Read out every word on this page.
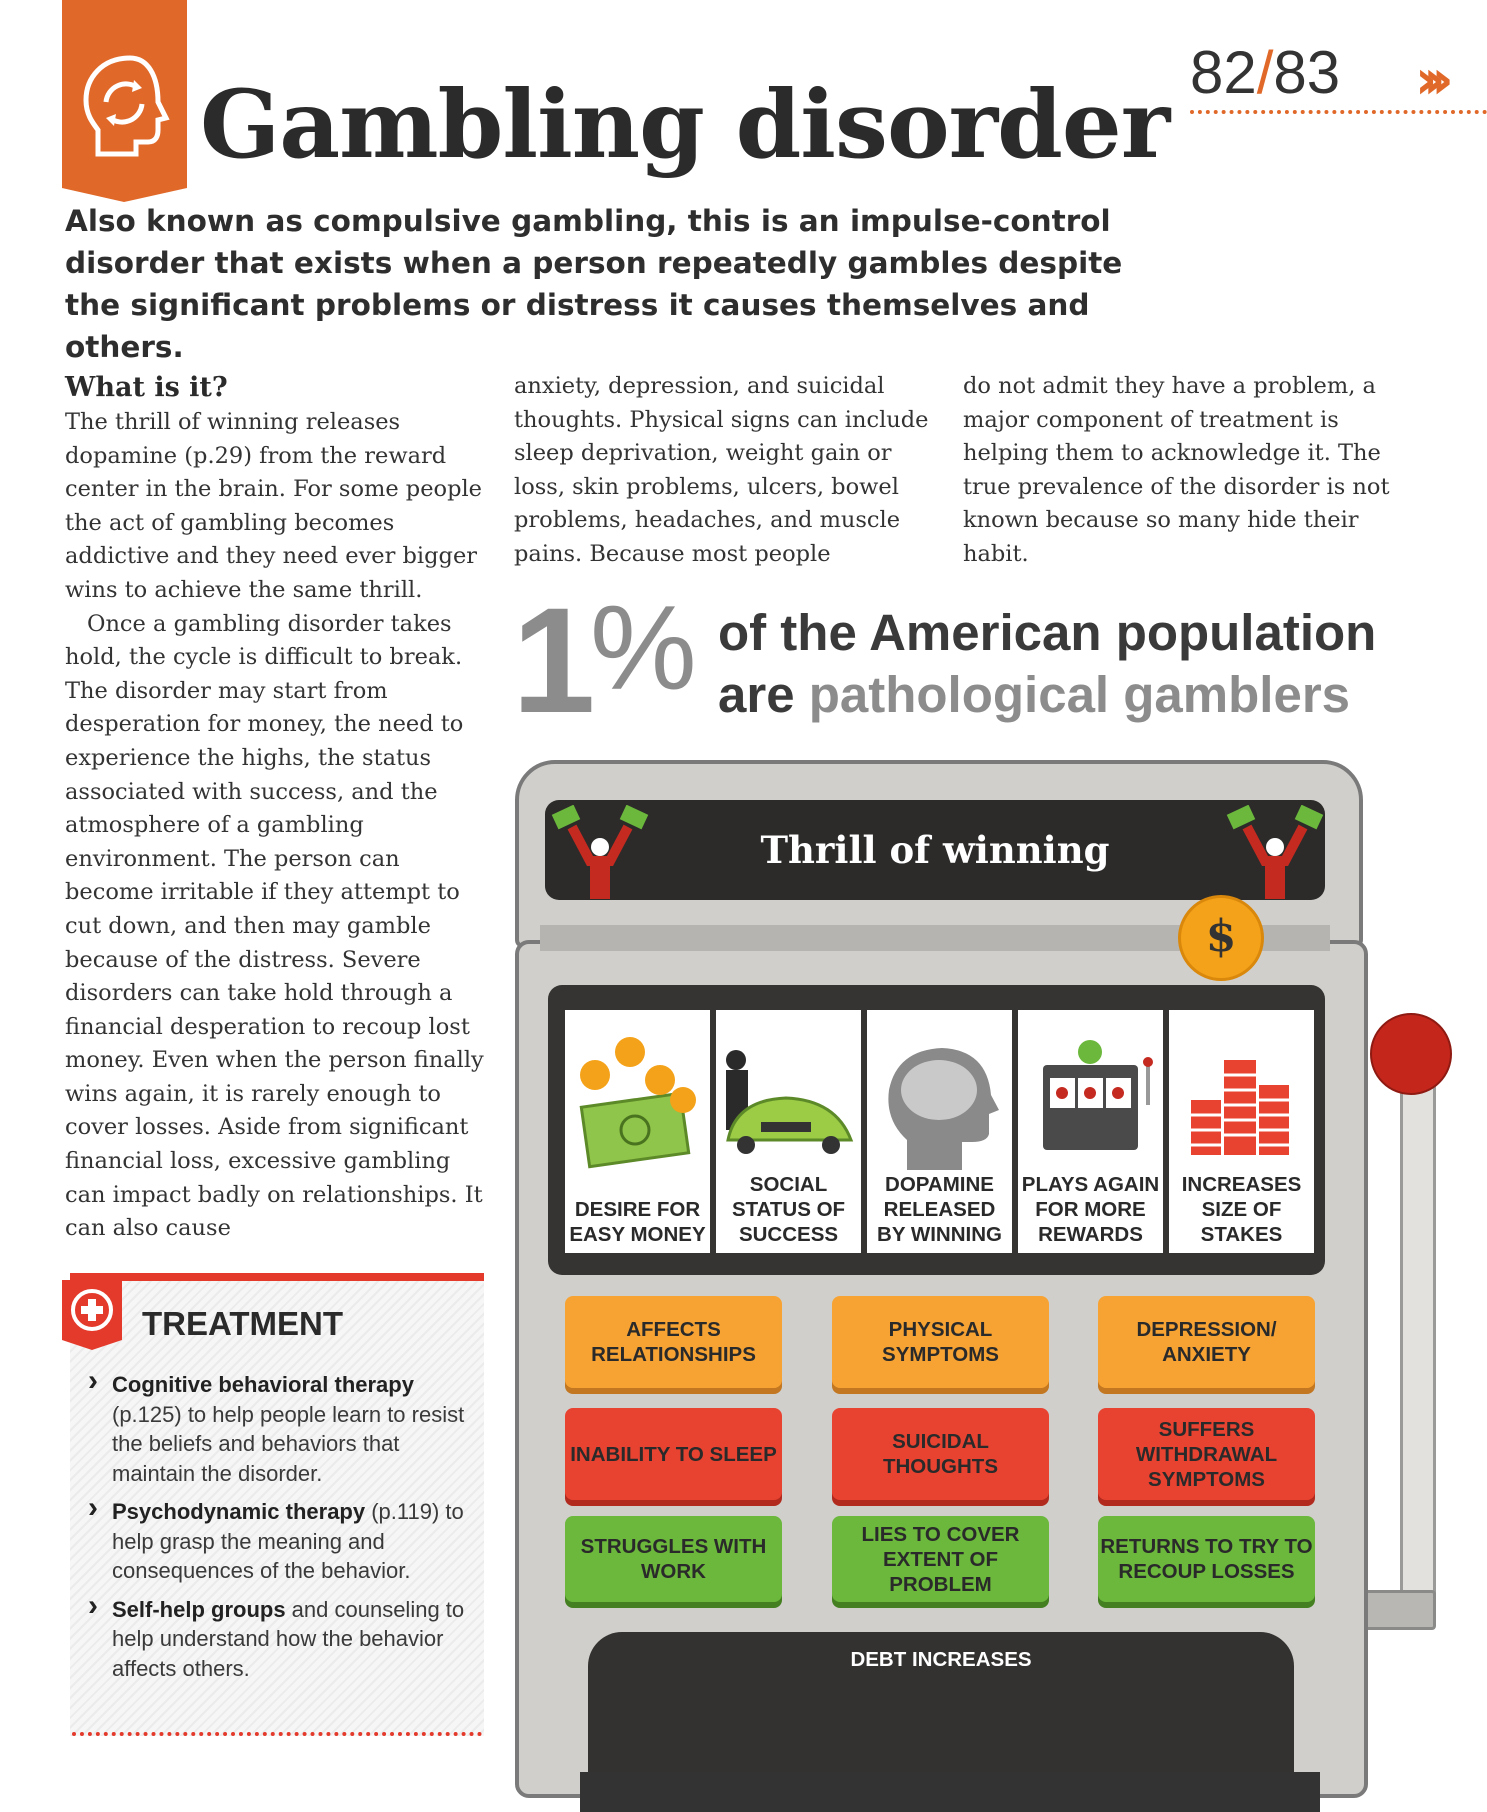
Gambling disorder 82/83 ›››
Also known as compulsive gambling, this is an impulse-control disorder that exists when a person repeatedly gambles despite the significant problems or distress it causes themselves and others.
What is it?

The thrill of winning releases dopamine (p.29) from the reward center in the brain. For some people the act of gambling becomes addictive and they need ever bigger wins to achieve the same thrill.

Once a gambling disorder takes hold, the cycle is difficult to break. The disorder may start from desperation for money, the need to experience the highs, the status associated with success, and the atmosphere of a gambling environment. The person can become irritable if they attempt to cut down, and then may gamble because of the distress. Severe disorders can take hold through a financial desperation to recoup lost money. Even when the person finally wins again, it is rarely enough to cover losses. Aside from significant financial loss, excessive gambling can impact badly on relationships. It can also cause

anxiety, depression, and suicidal thoughts. Physical signs can include sleep deprivation, weight gain or loss, skin problems, ulcers, bowel problems, headaches, and muscle pains. Because most people
do not admit they have a problem, a major component of treatment is helping them to acknowledge it. The true prevalence of the disorder is not known because so many hide their habit.
TREATMENT
› Cognitive behavioral therapy (p.125) to help people learn to resist the beliefs and behaviors that maintain the disorder.
› Psychodynamic therapy (p.119) to help grasp the meaning and consequences of the behavior.
› Self-help groups and counseling to help understand how the behavior affects others.
1 % of the American population
are pathological gamblers
Thrill of winning
$
DESIRE FOR EASY MONEY
SOCIAL STATUS OF SUCCESS
DOPAMINE RELEASED BY WINNING
PLAYS AGAIN FOR MORE REWARDS
INCREASES SIZE OF STAKES
AFFECTS RELATIONSHIPS
PHYSICAL SYMPTOMS
DEPRESSION/ ANXIETY
INABILITY TO SLEEP
SUICIDAL THOUGHTS
SUFFERS WITHDRAWAL SYMPTOMS
STRUGGLES WITH WORK
LIES TO COVER EXTENT OF PROBLEM
RETURNS TO TRY TO RECOUP LOSSES
DEBT INCREASES
